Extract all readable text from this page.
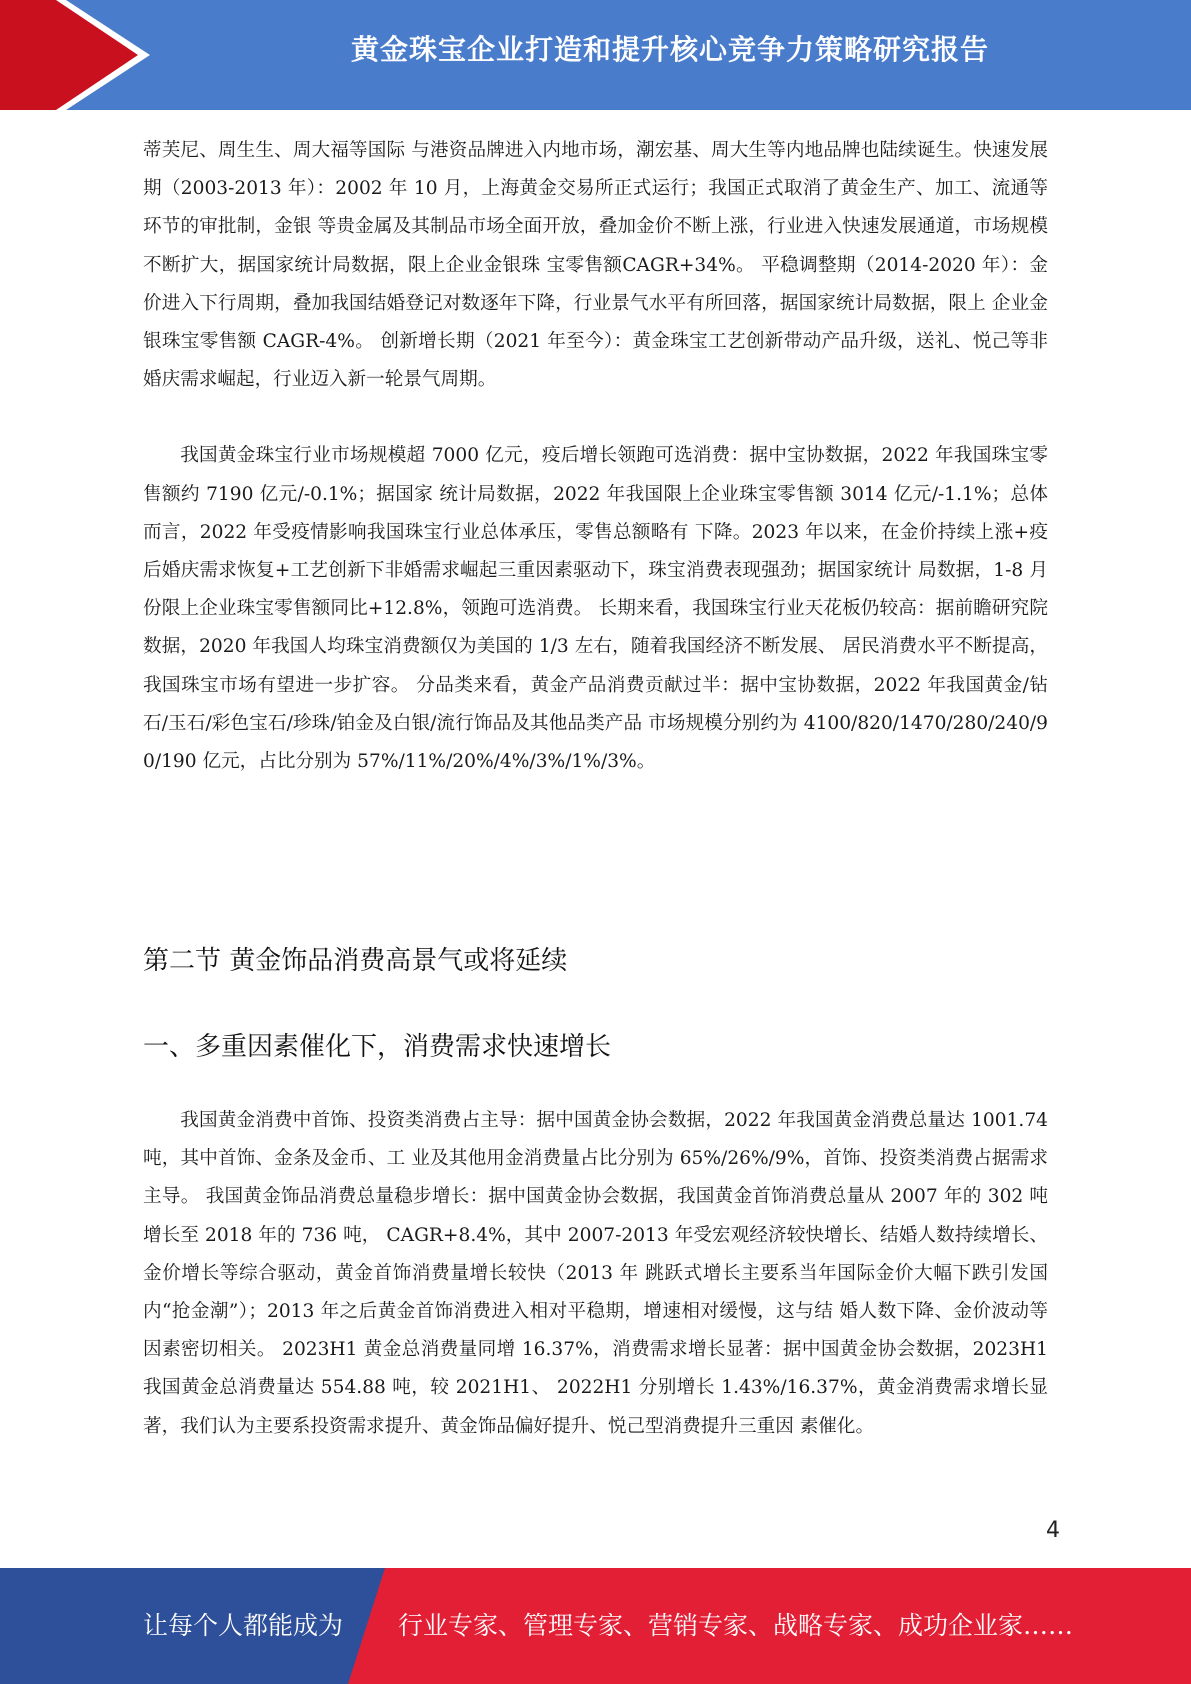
黄金珠宝企业打造和提升核心竞争力策略研究报告

蒂芙尼、周生生、周大福等国际 与港资品牌进入内地市场，潮宏基、周大生等内地品牌也陆续诞生。快速发展期（2003-2013 年）：2002 年 10 月，上海黄金交易所正式运行；我国正式取消了黄金生产、加工、流通等环节的审批制，金银 等贵金属及其制品市场全面开放，叠加金价不断上涨，行业进入快速发展通道，市场规模不断扩大，据国家统计局数据，限上企业金银珠 宝零售额CAGR+34%。 平稳调整期（2014-2020 年）：金价进入下行周期，叠加我国结婚登记对数逐年下降，行业景气水平有所回落，据国家统计局数据，限上 企业金银珠宝零售额 CAGR-4%。 创新增长期（2021 年至今）：黄金珠宝工艺创新带动产品升级，送礼、悦己等非婚庆需求崛起，行业迈入新一轮景气周期。

我国黄金珠宝行业市场规模超 7000 亿元，疫后增长领跑可选消费：据中宝协数据，2022 年我国珠宝零售额约 7190 亿元/-0.1%；据国家 统计局数据，2022 年我国限上企业珠宝零售额 3014 亿元/-1.1%；总体而言，2022 年受疫情影响我国珠宝行业总体承压，零售总额略有 下降。2023 年以来，在金价持续上涨+疫后婚庆需求恢复+工艺创新下非婚需求崛起三重因素驱动下，珠宝消费表现强劲；据国家统计 局数据，1-8 月份限上企业珠宝零售额同比+12.8%，领跑可选消费。 长期来看，我国珠宝行业天花板仍较高：据前瞻研究院数据，2020 年我国人均珠宝消费额仅为美国的 1/3 左右，随着我国经济不断发展、 居民消费水平不断提高，我国珠宝市场有望进一步扩容。 分品类来看，黄金产品消费贡献过半：据中宝协数据，2022 年我国黄金/钻石/玉石/彩色宝石/珍珠/铂金及白银/流行饰品及其他品类产品 市场规模分别约为 4100/820/1470/280/240/90/190 亿元，占比分别为 57%/11%/20%/4%/3%/1%/3%。

第二节 黄金饰品消费高景气或将延续
一、多重因素催化下，消费需求快速增长

我国黄金消费中首饰、投资类消费占主导：据中国黄金协会数据，2022 年我国黄金消费总量达 1001.74 吨，其中首饰、金条及金币、工 业及其他用金消费量占比分别为 65%/26%/9%，首饰、投资类消费占据需求主导。 我国黄金饰品消费总量稳步增长：据中国黄金协会数据，我国黄金首饰消费总量从 2007 年的 302 吨增长至 2018 年的 736 吨， CAGR+8.4%，其中 2007-2013 年受宏观经济较快增长、结婚人数持续增长、金价增长等综合驱动，黄金首饰消费量增长较快（2013 年 跳跃式增长主要系当年国际金价大幅下跌引发国内“抢金潮”）；2013 年之后黄金首饰消费进入相对平稳期，增速相对缓慢，这与结 婚人数下降、金价波动等因素密切相关。 2023H1 黄金总消费量同增 16.37%，消费需求增长显著：据中国黄金协会数据，2023H1 我国黄金总消费量达 554.88 吨，较 2021H1、 2022H1 分别增长 1.43%/16.37%，黄金消费需求增长显著，我们认为主要系投资需求提升、黄金饰品偏好提升、悦己型消费提升三重因 素催化。

4
让每个人都能成为 行业专家、管理专家、营销专家、战略专家、成功企业家……
